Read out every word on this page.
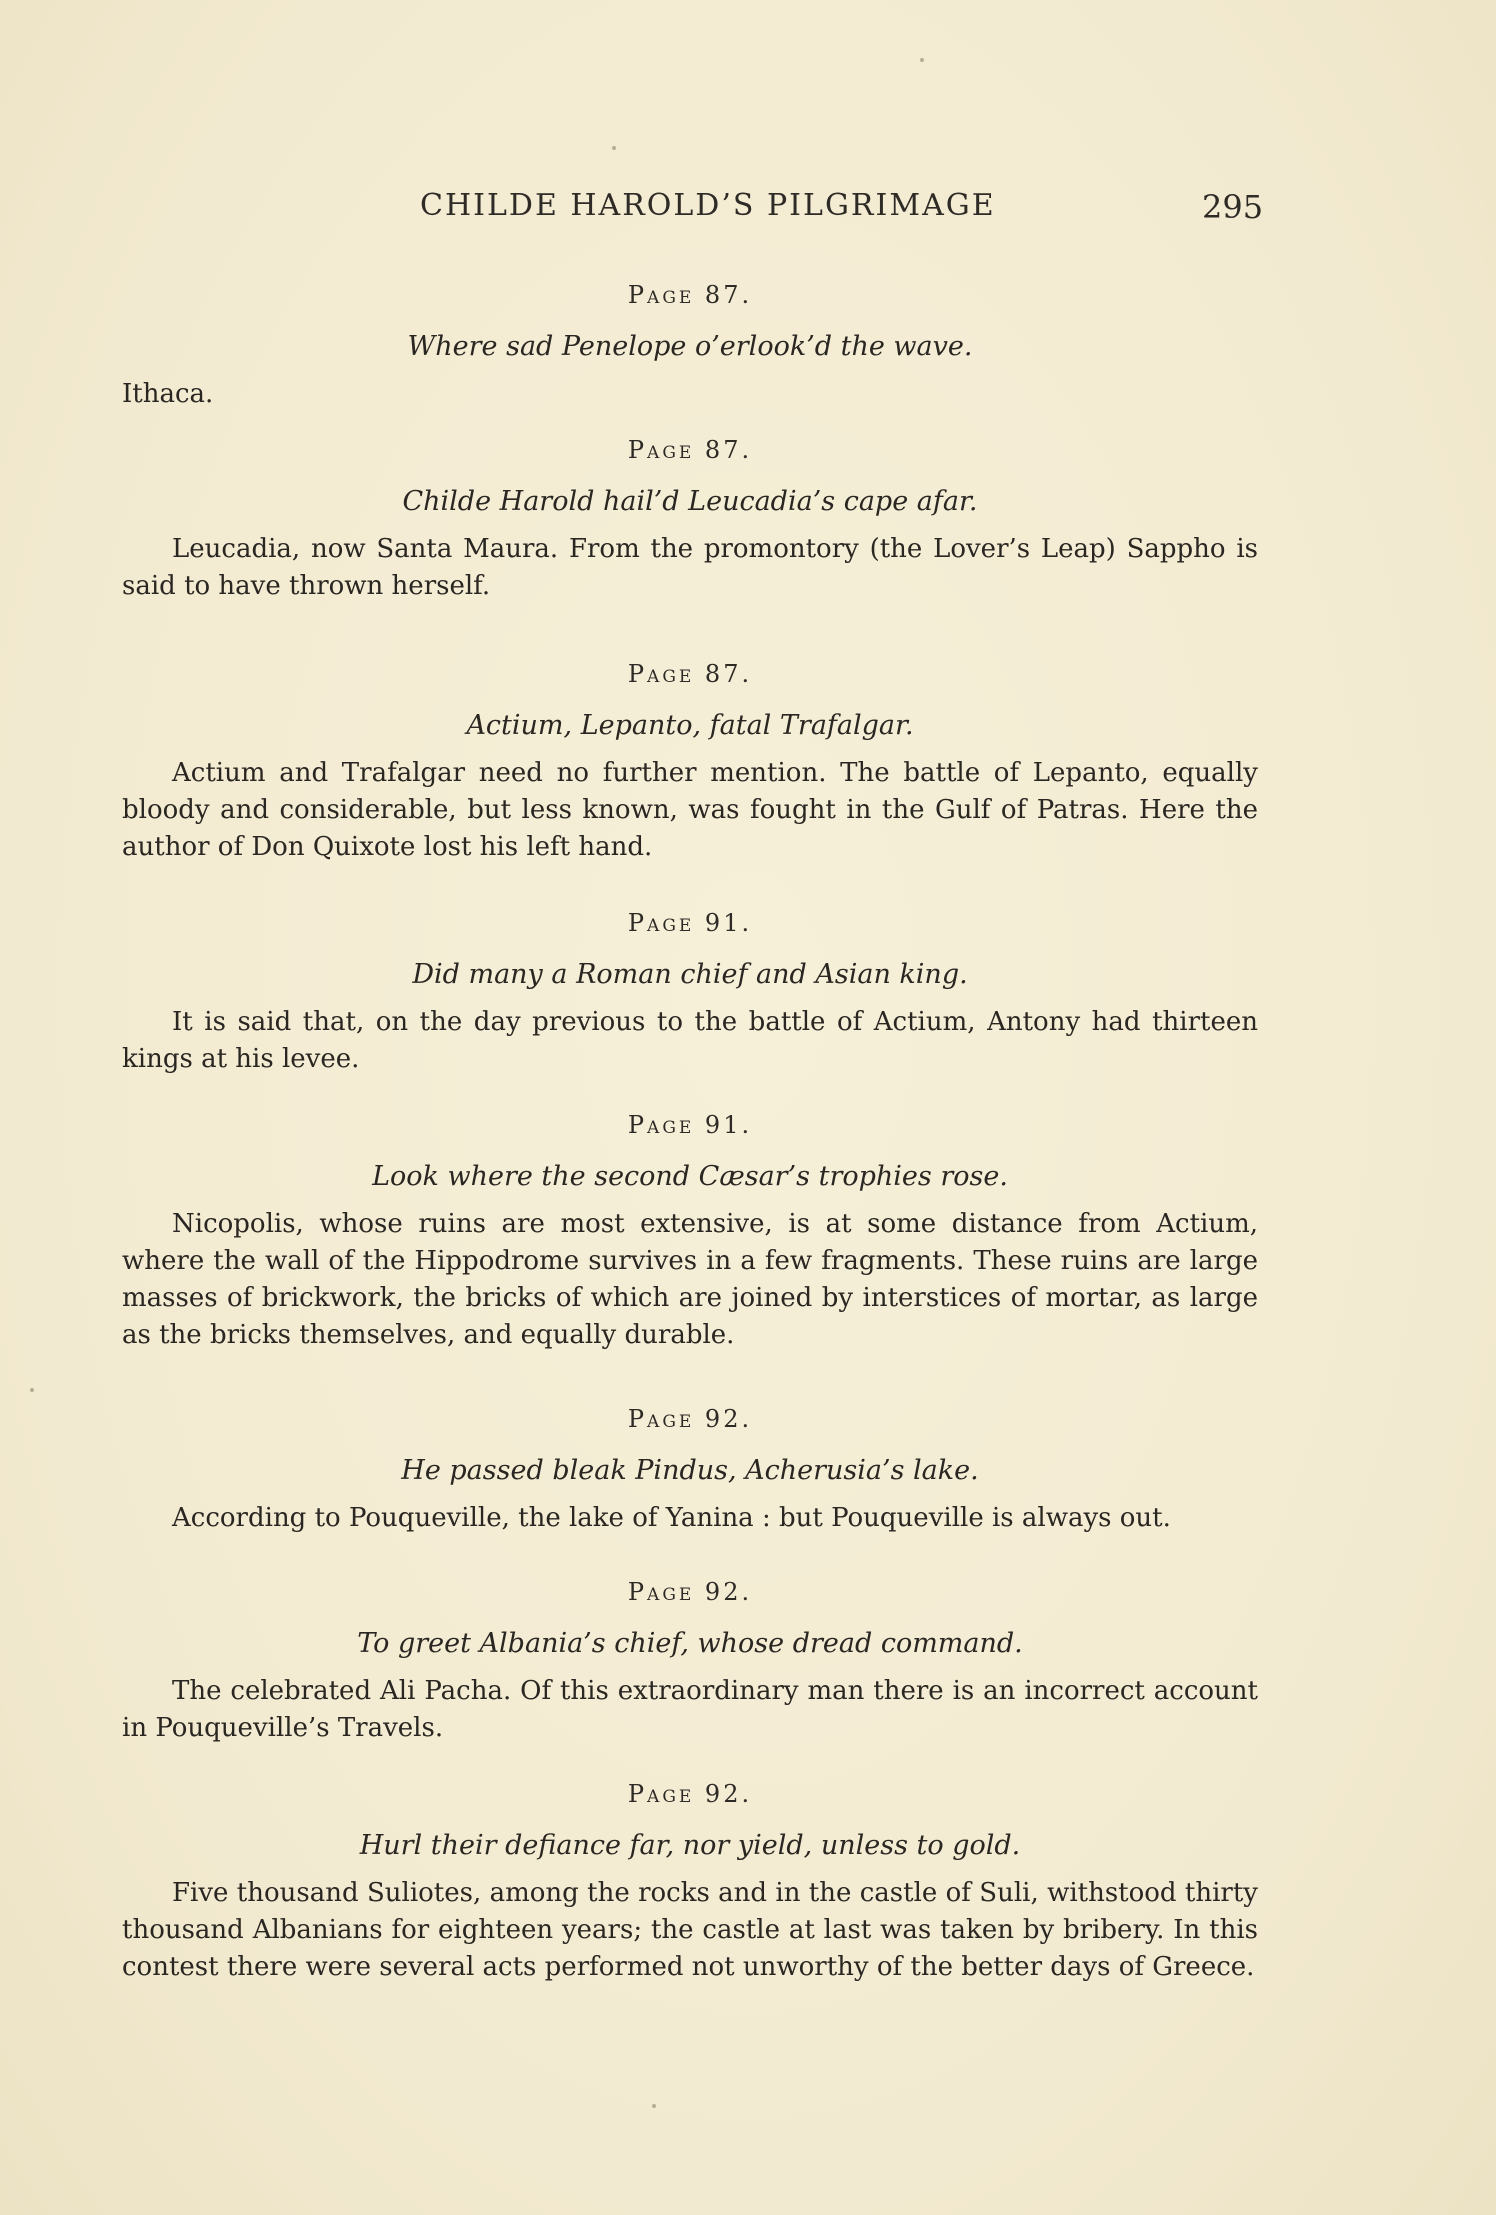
CHILDE HAROLD’S PILGRIMAGE	295

Page 87.

Where sad Penelope o’erlook’d the wave.

Ithaca.

Page 87.

Childe Harold hail’d Leucadia’s cape afar.

Leucadia, now Santa Maura. From the promontory (the Lover’s Leap) Sappho is said to have thrown herself.

Page 87.

Actium, Lepanto, fatal Trafalgar.

Actium and Trafalgar need no further mention. The battle of Lepanto, equally bloody and considerable, but less known, was fought in the Gulf of Patras. Here the author of Don Quixote lost his left hand.

Page 91.

Did many a Roman chief and Asian king.

It is said that, on the day previous to the battle of Actium, Antony had thirteen kings at his levee.

Page 91.

Look where the second Cæsar’s trophies rose.

Nicopolis, whose ruins are most extensive, is at some distance from Actium, where the wall of the Hippodrome survives in a few fragments. These ruins are large masses of brickwork, the bricks of which are joined by interstices of mortar, as large as the bricks themselves, and equally durable.

Page 92.

He passed bleak Pindus, Acherusia’s lake.

According to Pouqueville, the lake of Yanina : but Pouqueville is always out.

Page 92.

To greet Albania’s chief, whose dread command.

The celebrated Ali Pacha. Of this extraordinary man there is an incorrect account in Pouqueville’s Travels.

Page 92.

Hurl their defiance far, nor yield, unless to gold.

Five thousand Suliotes, among the rocks and in the castle of Suli, withstood thirty thousand Albanians for eighteen years; the castle at last was taken by bribery. In this contest there were several acts performed not unworthy of the better days of Greece.
